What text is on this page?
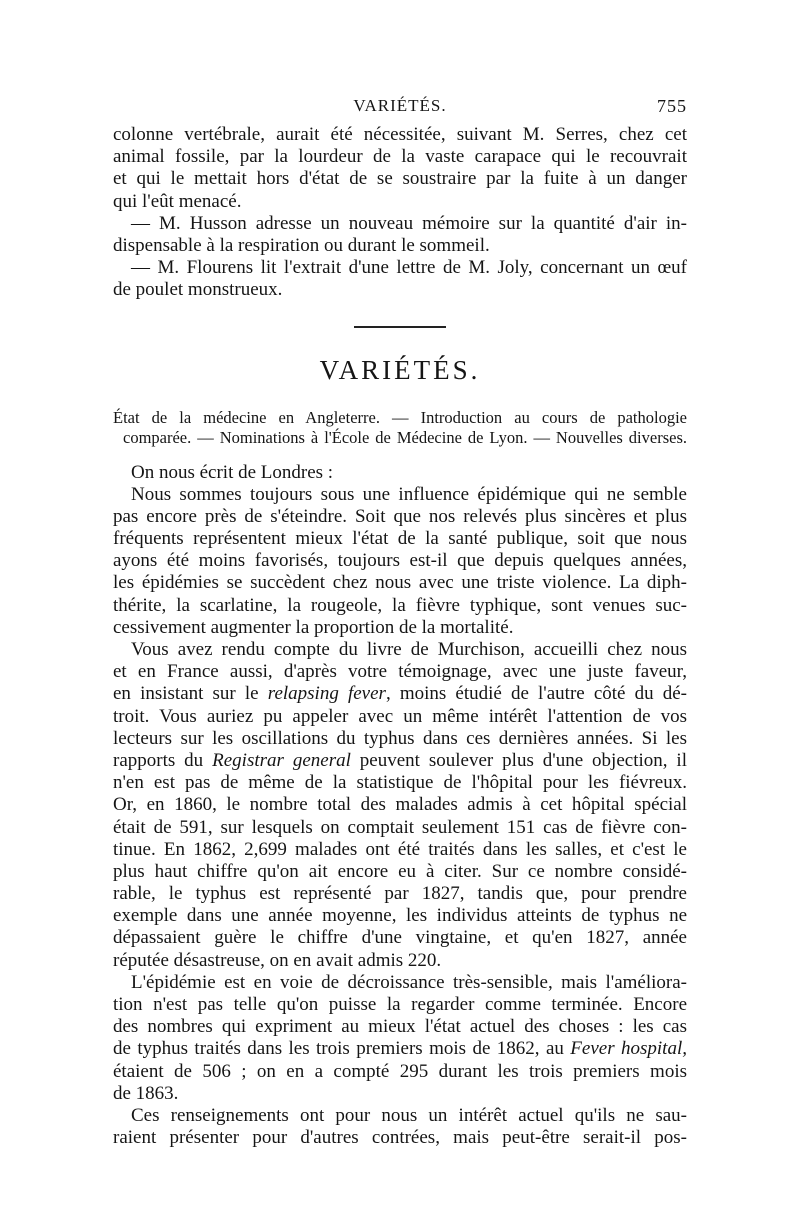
VARIÉTÉS.	755
colonne vertébrale, aurait été nécessitée, suivant M. Serres, chez cet
animal fossile, par la lourdeur de la vaste carapace qui le recouvrait
et qui le mettait hors d'état de se soustraire par la fuite à un danger
qui l'eût menacé.
— M. Husson adresse un nouveau mémoire sur la quantité d'air in-
dispensable à la respiration ou durant le sommeil.
— M. Flourens lit l'extrait d'une lettre de M. Joly, concernant un œuf
de poulet monstrueux.
VARIÉTÉS.
État de la médecine en Angleterre. — Introduction au cours de pathologie
comparée. — Nominations à l'École de Médecine de Lyon. — Nouvelles diverses.
On nous écrit de Londres :
Nous sommes toujours sous une influence épidémique qui ne semble
pas encore près de s'éteindre. Soit que nos relevés plus sincères et plus
fréquents représentent mieux l'état de la santé publique, soit que nous
ayons été moins favorisés, toujours est-il que depuis quelques années,
les épidémies se succèdent chez nous avec une triste violence. La diph-
thérite, la scarlatine, la rougeole, la fièvre typhique, sont venues suc-
cessivement augmenter la proportion de la mortalité.
Vous avez rendu compte du livre de Murchison, accueilli chez nous
et en France aussi, d'après votre témoignage, avec une juste faveur,
en insistant sur le relapsing fever, moins étudié de l'autre côté du dé-
troit. Vous auriez pu appeler avec un même intérêt l'attention de vos
lecteurs sur les oscillations du typhus dans ces dernières années. Si les
rapports du Registrar general peuvent soulever plus d'une objection, il
n'en est pas de même de la statistique de l'hôpital pour les fiévreux.
Or, en 1860, le nombre total des malades admis à cet hôpital spécial
était de 591, sur lesquels on comptait seulement 151 cas de fièvre con-
tinue. En 1862, 2,699 malades ont été traités dans les salles, et c'est le
plus haut chiffre qu'on ait encore eu à citer. Sur ce nombre considé-
rable, le typhus est représenté par 1827, tandis que, pour prendre
exemple dans une année moyenne, les individus atteints de typhus ne
dépassaient guère le chiffre d'une vingtaine, et qu'en 1827, année
réputée désastreuse, on en avait admis 220.
L'épidémie est en voie de décroissance très-sensible, mais l'améliora-
tion n'est pas telle qu'on puisse la regarder comme terminée. Encore
des nombres qui expriment au mieux l'état actuel des choses : les cas
de typhus traités dans les trois premiers mois de 1862, au Fever hospital,
étaient de 506 ; on en a compté 295 durant les trois premiers mois
de 1863.
Ces renseignements ont pour nous un intérêt actuel qu'ils ne sau-
raient présenter pour d'autres contrées, mais peut-être serait-il pos-
